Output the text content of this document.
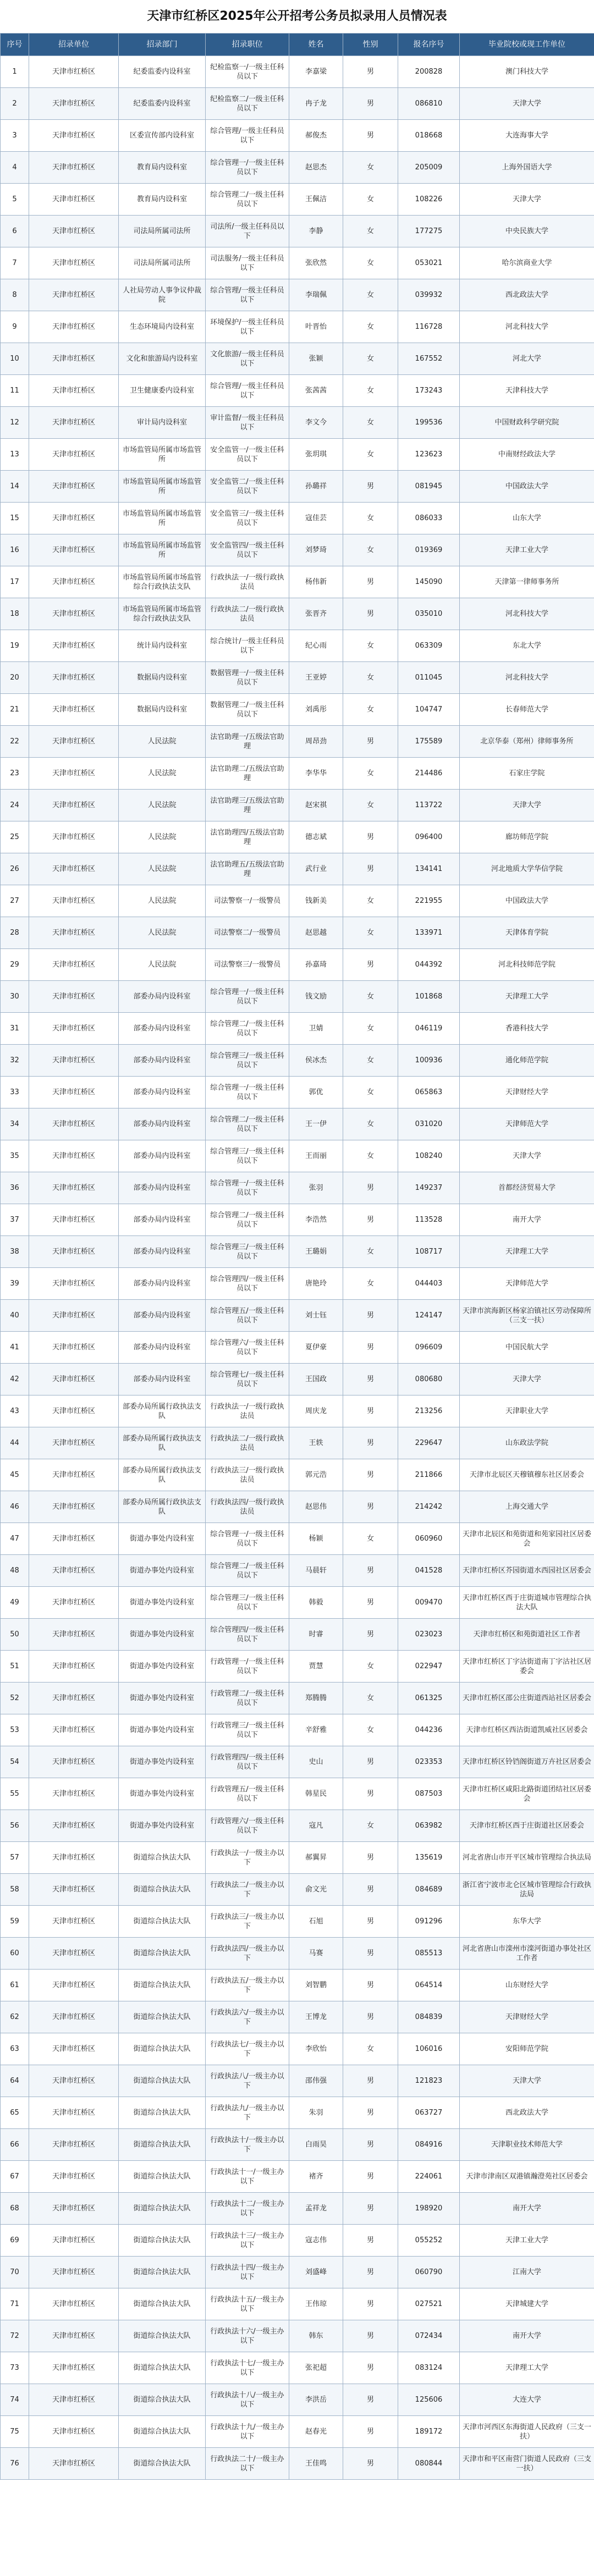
天津市红桥区2025年公开招考公务员拟录用人员情况表
序号	招录单位	招录部门	招录职位	姓名	性别	报名序号	毕业院校或现工作单位
1	天津市红桥区	纪委监委内设科室	纪检监察一/一级主任科员以下	李嘉梁	男	200828	澳门科技大学
2	天津市红桥区	纪委监委内设科室	纪检监察二/一级主任科员以下	冉子龙	男	086810	天津大学
3	天津市红桥区	区委宣传部内设科室	综合管理/一级主任科员以下	郝俊杰	男	018668	大连海事大学
4	天津市红桥区	教育局内设科室	综合管理一/一级主任科员以下	赵思杰	女	205009	上海外国语大学
5	天津市红桥区	教育局内设科室	综合管理二/一级主任科员以下	王佩洁	女	108226	天津大学
6	天津市红桥区	司法局所属司法所	司法所/一级主任科员以下	李静	女	177275	中央民族大学
7	天津市红桥区	司法局所属司法所	司法服务/一级主任科员以下	张欣然	女	053021	哈尔滨商业大学
8	天津市红桥区	人社局劳动人事争议仲裁院	综合管理/一级主任科员以下	李瑞佩	女	039932	西北政法大学
9	天津市红桥区	生态环境局内设科室	环境保护/一级主任科员以下	叶晋怡	女	116728	河北科技大学
10	天津市红桥区	文化和旅游局内设科室	文化旅游/一级主任科员以下	张颖	女	167552	河北大学
11	天津市红桥区	卫生健康委内设科室	综合管理/一级主任科员以下	张茜茜	女	173243	天津科技大学
12	天津市红桥区	审计局内设科室	审计监督/一级主任科员以下	李文今	女	199536	中国财政科学研究院
13	天津市红桥区	市场监管局所属市场监管所	安全监管一/一级主任科员以下	张玥琪	女	123623	中南财经政法大学
14	天津市红桥区	市场监管局所属市场监管所	安全监管二/一级主任科员以下	孙璐祥	男	081945	中国政法大学
15	天津市红桥区	市场监管局所属市场监管所	安全监管三/一级主任科员以下	寇佳芸	女	086033	山东大学
16	天津市红桥区	市场监管局所属市场监管所	安全监管四/一级主任科员以下	刘梦琦	女	019369	天津工业大学
17	天津市红桥区	市场监管局所属市场监管综合行政执法支队	行政执法一/一级行政执法员	杨伟新	男	145090	天津第一律师事务所
18	天津市红桥区	市场监管局所属市场监管综合行政执法支队	行政执法二/一级行政执法员	张晋齐	男	035010	河北科技大学
19	天津市红桥区	统计局内设科室	综合统计/一级主任科员以下	纪心雨	女	063309	东北大学
20	天津市红桥区	数据局内设科室	数据管理一/一级主任科员以下	王亚婷	女	011045	河北科技大学
21	天津市红桥区	数据局内设科室	数据管理二/一级主任科员以下	刘禹彤	女	104747	长春师范大学
22	天津市红桥区	人民法院	法官助理一/五级法官助理	周昂劲	男	175589	北京华泰（郑州）律师事务所
23	天津市红桥区	人民法院	法官助理二/五级法官助理	李华华	女	214486	石家庄学院
24	天津市红桥区	人民法院	法官助理三/五级法官助理	赵宋祺	女	113722	天津大学
25	天津市红桥区	人民法院	法官助理四/五级法官助理	德志斌	男	096400	廊坊师范学院
26	天津市红桥区	人民法院	法官助理五/五级法官助理	武行业	男	134141	河北地质大学华信学院
27	天津市红桥区	人民法院	司法警察一/一级警员	钱新美	女	221955	中国政法大学
28	天津市红桥区	人民法院	司法警察二/一级警员	赵思越	女	133971	天津体育学院
29	天津市红桥区	人民法院	司法警察三/一级警员	孙嘉琦	男	044392	河北科技师范学院
30	天津市红桥区	部委办局内设科室	综合管理一/一级主任科员以下	钱文励	女	101868	天津理工大学
31	天津市红桥区	部委办局内设科室	综合管理二/一级主任科员以下	卫婧	女	046119	香港科技大学
32	天津市红桥区	部委办局内设科室	综合管理三/一级主任科员以下	侯冰杰	女	100936	通化师范学院
33	天津市红桥区	部委办局内设科室	综合管理一/一级主任科员以下	郭优	女	065863	天津财经大学
34	天津市红桥区	部委办局内设科室	综合管理二/一级主任科员以下	王一伊	女	031020	天津师范大学
35	天津市红桥区	部委办局内设科室	综合管理三/一级主任科员以下	王而丽	女	108240	天津大学
36	天津市红桥区	部委办局内设科室	综合管理一/一级主任科员以下	张羽	男	149237	首都经济贸易大学
37	天津市红桥区	部委办局内设科室	综合管理二/一级主任科员以下	李浩然	男	113528	南开大学
38	天津市红桥区	部委办局内设科室	综合管理三/一级主任科员以下	王璐娟	女	108717	天津理工大学
39	天津市红桥区	部委办局内设科室	综合管理四/一级主任科员以下	唐艳玲	女	044403	天津师范大学
40	天津市红桥区	部委办局内设科室	综合管理五/一级主任科员以下	刘士钰	男	124147	天津市滨海新区杨家泊镇社区劳动保障所（三支一扶）
41	天津市红桥区	部委办局内设科室	综合管理六/一级主任科员以下	夏伊豪	男	096609	中国民航大学
42	天津市红桥区	部委办局内设科室	综合管理七/一级主任科员以下	王国政	男	080680	天津大学
43	天津市红桥区	部委办局所属行政执法支队	行政执法一/一级行政执法员	周庆龙	男	213256	天津职业大学
44	天津市红桥区	部委办局所属行政执法支队	行政执法二/一级行政执法员	王轶	男	229647	山东政法学院
45	天津市红桥区	部委办局所属行政执法支队	行政执法三/一级行政执法员	郭元浩	男	211866	天津市北辰区天穆镇穆东社区居委会
46	天津市红桥区	部委办局所属行政执法支队	行政执法四/一级行政执法员	赵思伟	男	214242	上海交通大学
47	天津市红桥区	街道办事处内设科室	综合管理一/一级主任科员以下	杨颖	女	060960	天津市北辰区和苑街道和苑家园社区居委会
48	天津市红桥区	街道办事处内设科室	综合管理二/一级主任科员以下	马晨轩	男	041528	天津市红桥区芥园街道水西园社区居委会
49	天津市红桥区	街道办事处内设科室	综合管理三/一级主任科员以下	韩毅	男	009470	天津市红桥区西于庄街道城市管理综合执法大队
50	天津市红桥区	街道办事处内设科室	综合管理四/一级主任科员以下	时睿	男	023023	天津市红桥区和苑街道社区工作者
51	天津市红桥区	街道办事处内设科室	行政管理一/一级主任科员以下	贾慧	女	022947	天津市红桥区丁字沽街道南丁字沽社区居委会
52	天津市红桥区	街道办事处内设科室	行政管理二/一级主任科员以下	郑腾腾	女	061325	天津市红桥区邵公庄街道西站社区居委会
53	天津市红桥区	街道办事处内设科室	行政管理三/一级主任科员以下	辛舒雅	女	044236	天津市红桥区西沽街道凯威社区居委会
54	天津市红桥区	街道办事处内设科室	行政管理四/一级主任科员以下	史山	男	023353	天津市红桥区铃铛阁街道万卉社区居委会
55	天津市红桥区	街道办事处内设科室	行政管理五/一级主任科员以下	韩星民	男	087503	天津市红桥区咸阳北路街道团结社区居委会
56	天津市红桥区	街道办事处内设科室	行政管理六/一级主任科员以下	寇凡	女	063982	天津市红桥区西于庄街道社区居委会
57	天津市红桥区	街道综合执法大队	行政执法一/一级主办以下	郝翼昇	男	135619	河北省唐山市开平区城市管理综合执法局
58	天津市红桥区	街道综合执法大队	行政执法二/一级主办以下	俞文光	男	084689	浙江省宁波市北仑区城市管理综合行政执法局
59	天津市红桥区	街道综合执法大队	行政执法三/一级主办以下	石旭	男	091296	东华大学
60	天津市红桥区	街道综合执法大队	行政执法四/一级主办以下	马赛	男	085513	河北省唐山市滦州市滦河街道办事处社区工作者
61	天津市红桥区	街道综合执法大队	行政执法五/一级主办以下	刘智鹏	男	064514	山东财经大学
62	天津市红桥区	街道综合执法大队	行政执法六/一级主办以下	王博龙	男	084839	天津财经大学
63	天津市红桥区	街道综合执法大队	行政执法七/一级主办以下	李欣怡	女	106016	安阳师范学院
64	天津市红桥区	街道综合执法大队	行政执法八/一级主办以下	邵伟强	男	121823	天津大学
65	天津市红桥区	街道综合执法大队	行政执法九/一级主办以下	朱羽	男	063727	西北政法大学
66	天津市红桥区	街道综合执法大队	行政执法十/一级主办以下	白雨昊	男	084916	天津职业技术师范大学
67	天津市红桥区	街道综合执法大队	行政执法十一/一级主办以下	褚齐	男	224061	天津市津南区双港镇瀚澄苑社区居委会
68	天津市红桥区	街道综合执法大队	行政执法十二/一级主办以下	孟祥龙	男	198920	南开大学
69	天津市红桥区	街道综合执法大队	行政执法十三/一级主办以下	寇志伟	男	055252	天津工业大学
70	天津市红桥区	街道综合执法大队	行政执法十四/一级主办以下	刘盛峰	男	060790	江南大学
71	天津市红桥区	街道综合执法大队	行政执法十五/一级主办以下	王伟琼	男	027521	天津城建大学
72	天津市红桥区	街道综合执法大队	行政执法十六/一级主办以下	韩东	男	072434	南开大学
73	天津市红桥区	街道综合执法大队	行政执法十七/一级主办以下	张祀超	男	083124	天津理工大学
74	天津市红桥区	街道综合执法大队	行政执法十八/一级主办以下	李洪岳	男	125606	大连大学
75	天津市红桥区	街道综合执法大队	行政执法十九/一级主办以下	赵春光	男	189172	天津市河西区东海街道人民政府（三支一扶）
76	天津市红桥区	街道综合执法大队	行政执法二十/一级主办以下	王佳鸣	男	080844	天津市和平区南营门街道人民政府（三支一扶）
